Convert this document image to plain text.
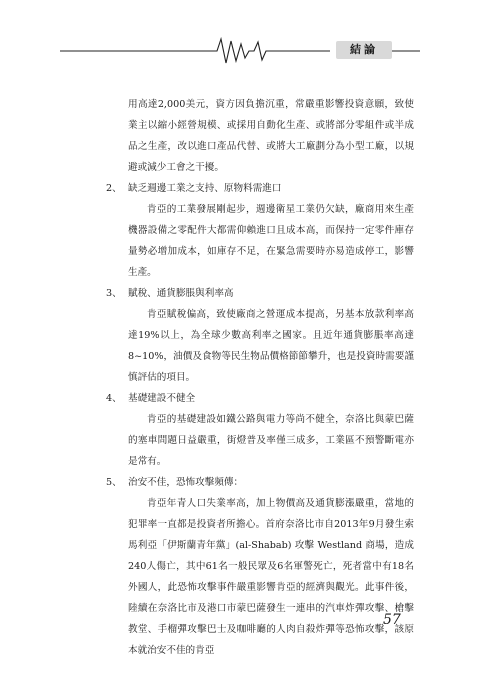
結論

用高達2,000美元，資方因負擔沉重，常嚴重影響投資意願，致使業主以縮小經營規模、或採用自動化生產、或將部分零組件或半成品之生產，改以進口產品代替、或將大工廠劃分為小型工廠，以規避或減少工會之干擾。

2、 缺乏週邊工業之支持、原物料需進口

肯亞的工業發展剛起步，週邊衛星工業仍欠缺，廠商用來生產機器設備之零配件大都需仰賴進口且成本高，而保持一定零件庫存量勢必增加成本，如庫存不足，在緊急需要時亦易造成停工，影響生產。

3、 賦稅、通貨膨脹與利率高

肯亞賦稅偏高，致使廠商之營運成本提高，另基本放款利率高達19%以上，為全球少數高利率之國家。且近年通貨膨脹率高達8~10%，油價及食物等民生物品價格節節攀升，也是投資時需要謹慎評估的項目。

4、 基礎建設不健全

肯亞的基礎建設如鐵公路與電力等尚不健全，奈洛比與蒙巴薩的塞車問題日益嚴重，街燈普及率僅三成多，工業區不預警斷電亦是常有。

5、 治安不佳，恐怖攻擊頻傳：

肯亞年青人口失業率高，加上物價高及通貨膨漲嚴重，當地的犯罪率一直都是投資者所擔心。首府奈洛比市自2013年9月發生索馬利亞「伊斯蘭青年黨」(al-Shabab) 攻擊 Westland 商場，造成240人傷亡，其中61名一般民眾及6名軍警死亡，死者當中有18名外國人，此恐怖攻擊事件嚴重影響肯亞的經濟與觀光。此事件後，陸續在奈洛比市及港口市蒙巴薩發生一連串的汽車炸彈攻擊、槍擊教堂、手榴彈攻擊巴士及咖啡廳的人肉自殺炸彈等恐怖攻擊，該原本就治安不佳的肯亞

57
